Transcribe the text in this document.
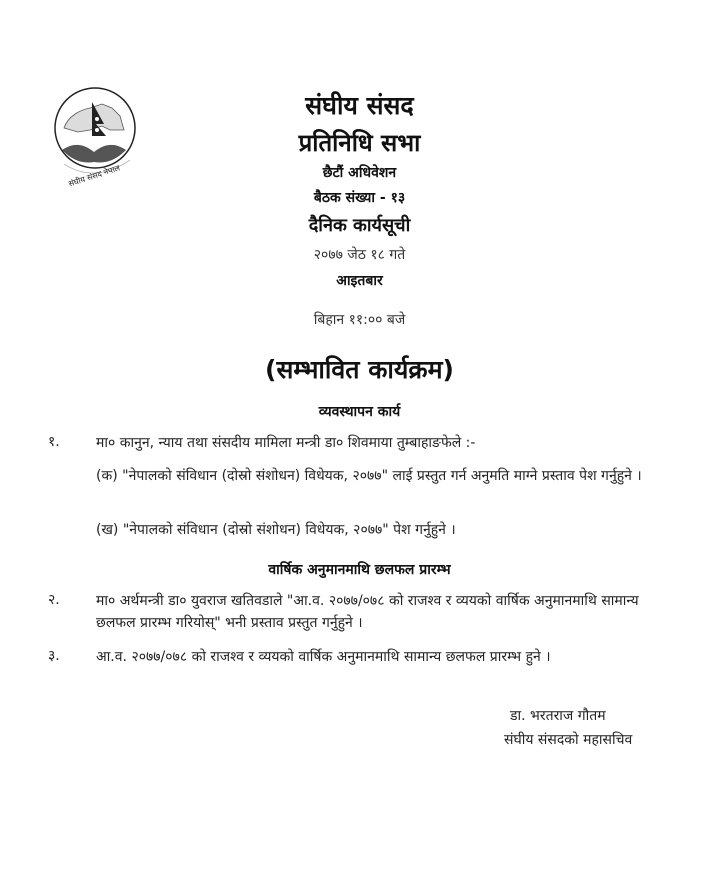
संघीय संसद नेपाल
संघीय संसद
प्रतिनिधि सभा
छैटौं अधिवेशन
बैठक संख्या - १३
दैनिक कार्यसूची
२०७७ जेठ १८ गते
आइतबार
बिहान ११:०० बजे
(सम्भावित कार्यक्रम)
व्यवस्थापन कार्य
१.	मा० कानुन, न्याय तथा संसदीय मामिला मन्त्री डा० शिवमाया तुम्बाहाङफेले :-
(क) "नेपालको संविधान (दोस्रो संशोधन) विधेयक, २०७७" लाई प्रस्तुत गर्न अनुमति माग्ने प्रस्ताव पेश गर्नुहुने ।
(ख) "नेपालको संविधान (दोस्रो संशोधन) विधेयक, २०७७" पेश गर्नुहुने ।
वार्षिक अनुमानमाथि छलफल प्रारम्भ
२.	मा० अर्थमन्त्री डा० युवराज खतिवडाले "आ.व. २०७७/०७८ को राजश्व र व्ययको वार्षिक अनुमानमाथि सामान्य छलफल प्रारम्भ गरियोस्" भनी प्रस्ताव प्रस्तुत गर्नुहुने ।
३.	आ.व. २०७७/०७८ को राजश्व र व्ययको वार्षिक अनुमानमाथि सामान्य छलफल प्रारम्भ हुने ।
डा. भरतराज गौतम
संघीय संसदको महासचिव
